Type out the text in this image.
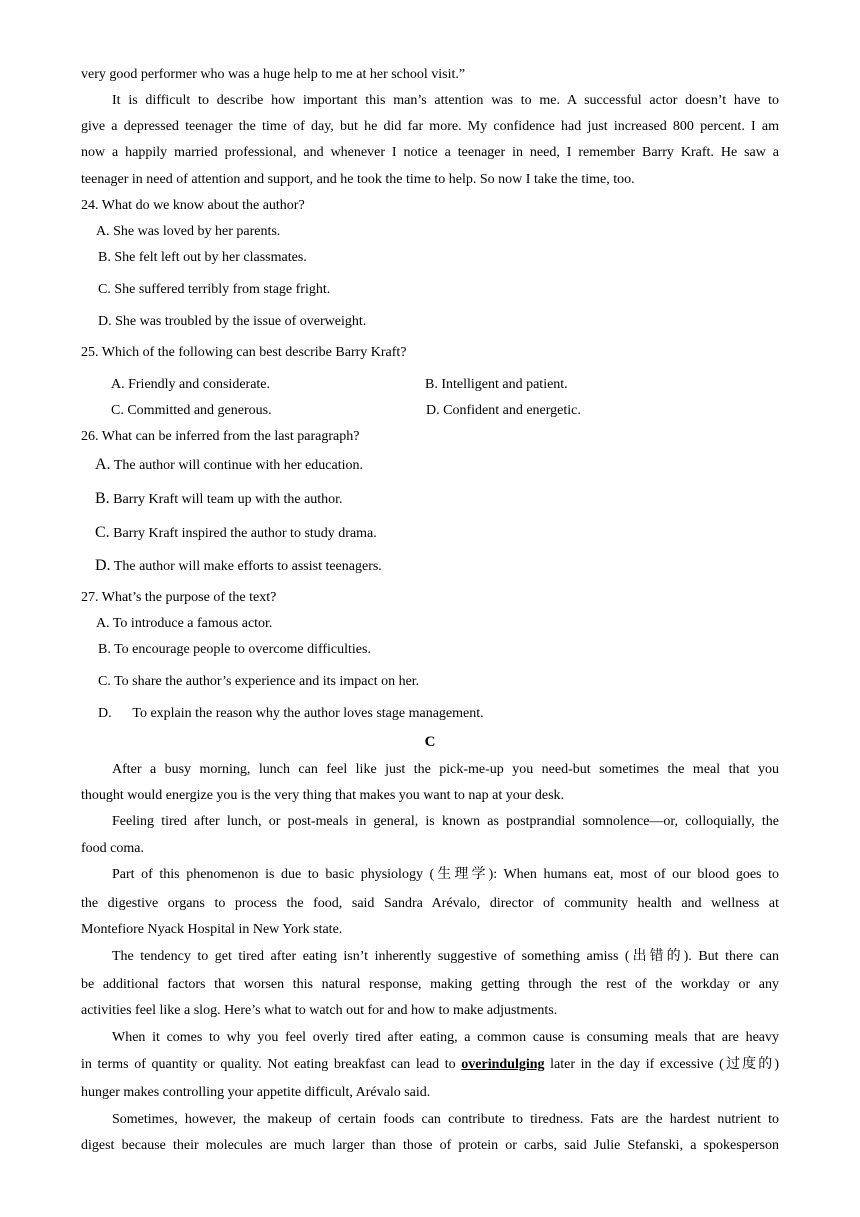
very good performer who was a huge help to me at her school visit.”
It is difficult to describe how important this man’s attention was to me. A successful actor doesn’t have to
give a depressed teenager the time of day, but he did far more. My confidence had just increased 800 percent. I am
now a happily married professional, and whenever I notice a teenager in need, I remember Barry Kraft. He saw a
teenager in need of attention and support, and he took the time to help. So now I take the time, too.
24. What do we know about the author?
A. She was loved by her parents.
B. She felt left out by her classmates.
C. She suffered terribly from stage fright.
D. She was troubled by the issue of overweight.
25. Which of the following can best describe Barry Kraft?
A. Friendly and considerate.	B. Intelligent and patient.
C. Committed and generous.	D. Confident and energetic.
26. What can be inferred from the last paragraph?
A. The author will continue with her education.
B. Barry Kraft will team up with the author.
C. Barry Kraft inspired the author to study drama.
D. The author will make efforts to assist teenagers.
27. What’s the purpose of the text?
A. To introduce a famous actor.
B. To encourage people to overcome difficulties.
C. To share the author’s experience and its impact on her.
D. To explain the reason why the author loves stage management.
C
After a busy morning, lunch can feel like just the pick-me-up you need-but sometimes the meal that you
thought would energize you is the very thing that makes you want to nap at your desk.
Feeling tired after lunch, or post-meals in general, is known as postprandial somnolence—or, colloquially, the
food coma.
Part of this phenomenon is due to basic physiology (生理学): When humans eat, most of our blood goes to
the digestive organs to process the food, said Sandra Arévalo, director of community health and wellness at
Montefiore Nyack Hospital in New York state.
The tendency to get tired after eating isn’t inherently suggestive of something amiss (出错的). But there can
be additional factors that worsen this natural response, making getting through the rest of the workday or any
activities feel like a slog. Here’s what to watch out for and how to make adjustments.
When it comes to why you feel overly tired after eating, a common cause is consuming meals that are heavy
in terms of quantity or quality. Not eating breakfast can lead to overindulging later in the day if excessive (过度的)
hunger makes controlling your appetite difficult, Arévalo said.
Sometimes, however, the makeup of certain foods can contribute to tiredness. Fats are the hardest nutrient to
digest because their molecules are much larger than those of protein or carbs, said Julie Stefanski, a spokesperson
